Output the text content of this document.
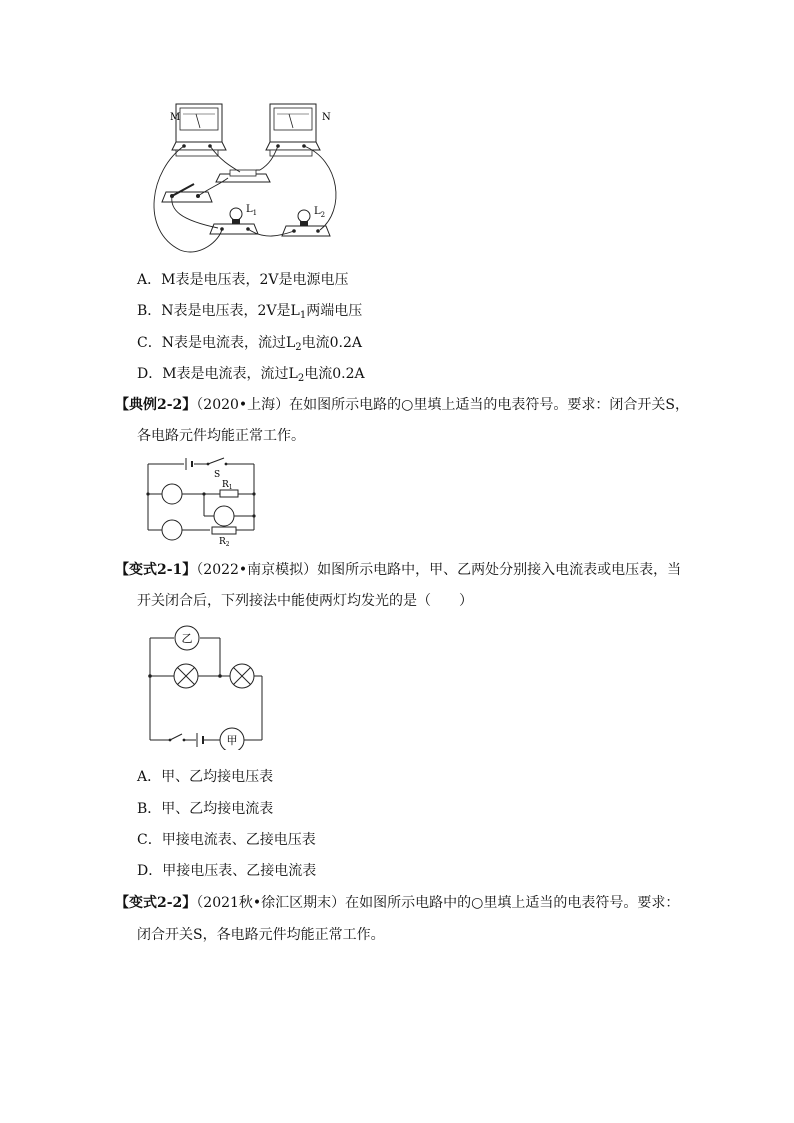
M	N
$L_1$	$L_2$
A．M表是电压表，2V是电源电压
B．N表是电压表，2V是$L_1$两端电压
C．N表是电流表，流过$L_2$电流0.2A
D．M表是电流表，流过$L_2$电流0.2A
【典例2-2】（2020•上海）在如图所示电路的○里填上适当的电表符号。要求：闭合开关S，
各电路元件均能正常工作。
S
$R_1$
$R_2$
【变式2-1】（2022•南京模拟）如图所示电路中，甲、乙两处分别接入电流表或电压表，当
开关闭合后，下列接法中能使两灯均发光的是（　　）
乙
甲
A．甲、乙均接电压表
B．甲、乙均接电流表
C．甲接电流表、乙接电压表
D．甲接电压表、乙接电流表
【变式2-2】（2021秋•徐汇区期末）在如图所示电路中的○里填上适当的电表符号。要求：
闭合开关S，各电路元件均能正常工作。
